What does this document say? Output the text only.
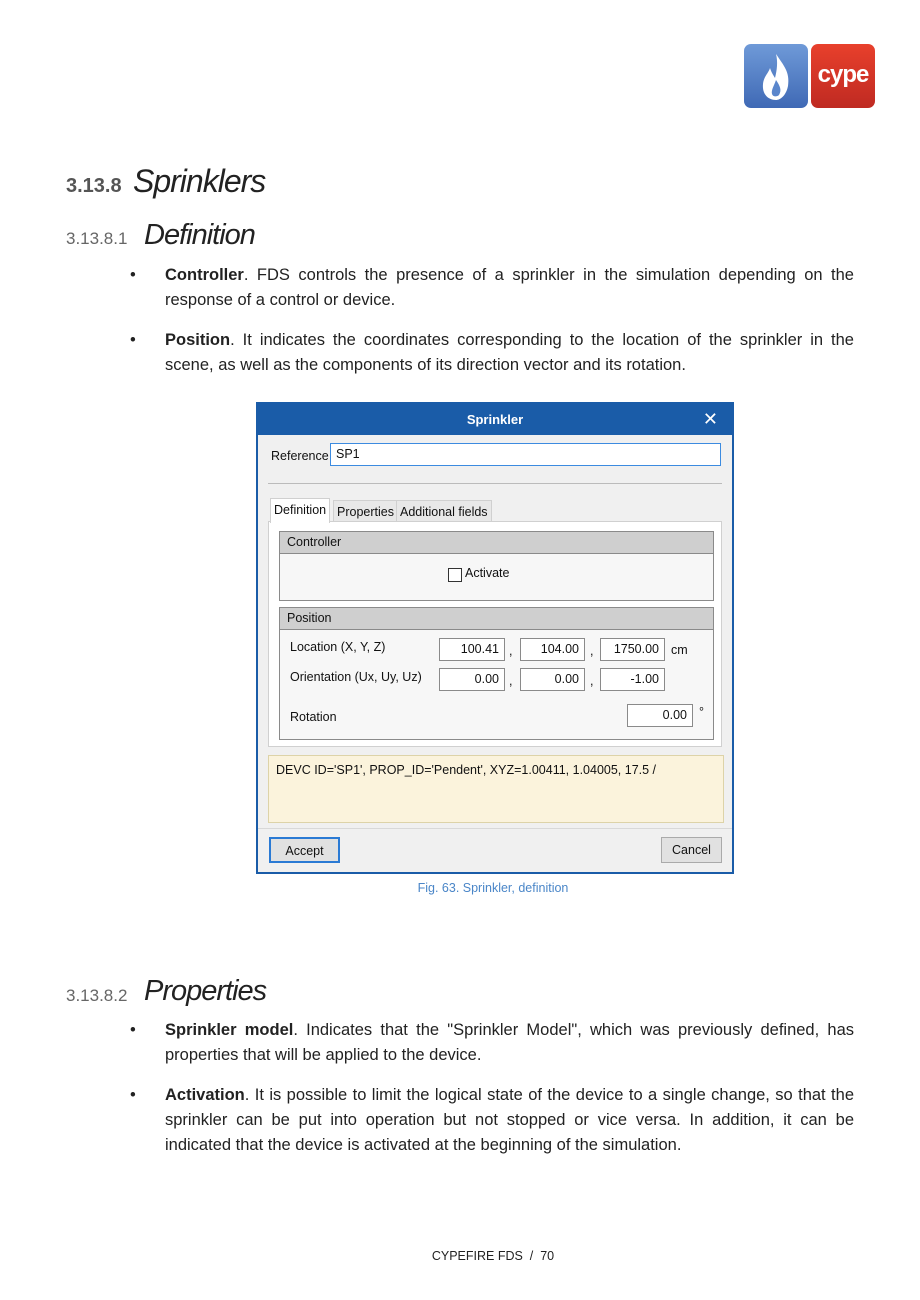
cype
3.13.8 Sprinklers
3.13.8.1 Definition
• Controller. FDS controls the presence of a sprinkler in the simulation depending on the response of a control or device.
• Position. It indicates the coordinates corresponding to the location of the sprinkler in the scene, as well as the components of its direction vector and its rotation.
Sprinkler	✕
Reference SP1
Definition Properties Additional fields
Controller
Activate
Position
Location (X, Y, Z)	100.41 ,	104.00 ,	1750.00 cm
Orientation (Ux, Uy, Uz)	0.00 ,	0.00 ,	-1.00
Rotation	0.00 °
DEVC ID='SP1', PROP_ID='Pendent', XYZ=1.00411, 1.04005, 17.5 /
Accept	Cancel
Fig. 63. Sprinkler, definition
3.13.8.2 Properties
• Sprinkler model. Indicates that the "Sprinkler Model", which was previously defined, has properties that will be applied to the device.
• Activation. It is possible to limit the logical state of the device to a single change, so that the sprinkler can be put into operation but not stopped or vice versa. In addition, it can be indicated that the device is activated at the beginning of the simulation.
CYPEFIRE FDS / 70
